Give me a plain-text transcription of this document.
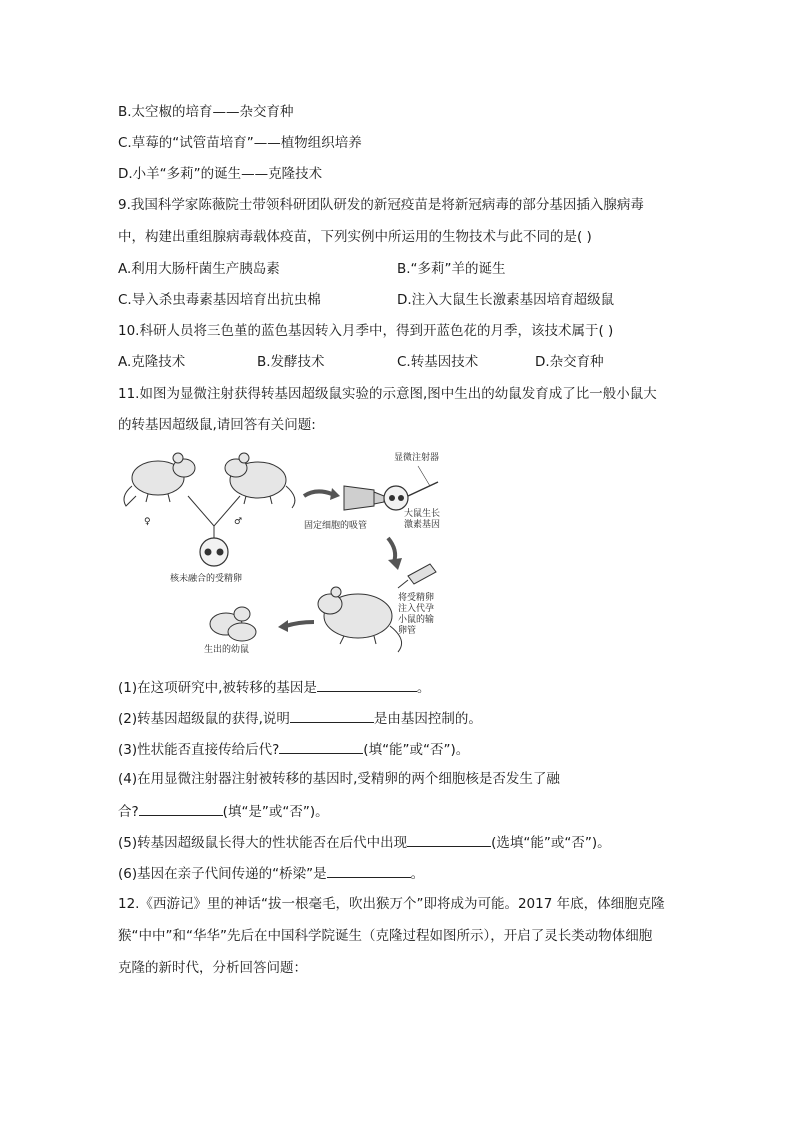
B.太空椒的培育——杂交育种
C.草莓的“试管苗培育”——植物组织培养
D.小羊“多莉”的诞生——克隆技术
9.我国科学家陈薇院士带领科研团队研发的新冠疫苗是将新冠病毒的部分基因插入腺病毒
中，构建出重组腺病毒载体疫苗，下列实例中所运用的生物技术与此不同的是( )
A.利用大肠杆菌生产胰岛素	B.“多莉”羊的诞生
C.导入杀虫毒素基因培育出抗虫棉	D.注入大鼠生长激素基因培育超级鼠
10.科研人员将三色堇的蓝色基因转入月季中，得到开蓝色花的月季，该技术属于( )
A.克隆技术	B.发酵技术	C.转基因技术	D.杂交育种
11.如图为显微注射获得转基因超级鼠实验的示意图,图中生出的幼鼠发育成了比一般小鼠大
的转基因超级鼠,请回答有关问题:
♀	♂
核未融合的受精卵
显微注射器
固定细胞的吸管
大鼠生长
激素基因
将受精卵
注入代孕
小鼠的输
卵管
生出的幼鼠
(1)在这项研究中,被转移的基因是	。
(2)转基因超级鼠的获得,说明	是由基因控制的。
(3)性状能否直接传给后代?	(填“能”或“否”)。
(4)在用显微注射器注射被转移的基因时,受精卵的两个细胞核是否发生了融
合?	(填“是”或“否”)。
(5)转基因超级鼠长得大的性状能否在后代中出现	(选填“能”或“否”)。
(6)基因在亲子代间传递的“桥梁”是	。
12.《西游记》里的神话“拔一根毫毛，吹出猴万个”即将成为可能。2017 年底，体细胞克隆
猴“中中”和“华华”先后在中国科学院诞生（克隆过程如图所示），开启了灵长类动物体细胞
克隆的新时代，分析回答问题：
